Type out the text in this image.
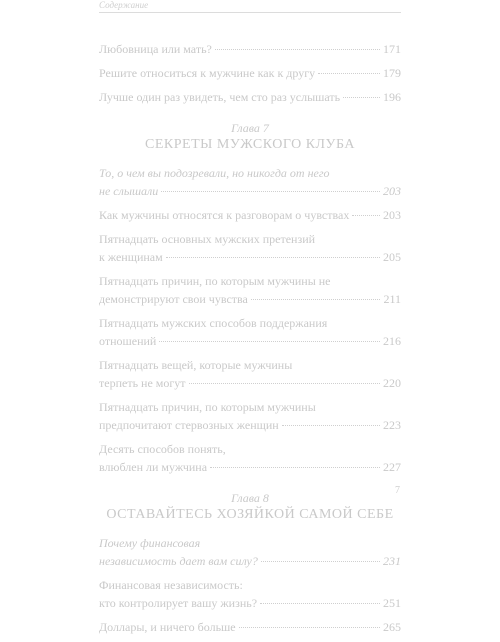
Содержание
Любовница или мать?	171
Решите относиться к мужчине как к другу	179
Лучше один раз увидеть, чем сто раз услышать	196
Глава 7
СЕКРЕТЫ МУЖСКОГО КЛУБА
То, о чем вы подозревали, но никогда от него
не слышали	203
Как мужчины относятся к разговорам о чувствах	203
Пятнадцать основных мужских претензий
к женщинам	205
Пятнадцать причин, по которым мужчины не
демонстрируют свои чувства	211
Пятнадцать мужских способов поддержания
отношений	216
Пятнадцать вещей, которые мужчины
терпеть не могут	220
Пятнадцать причин, по которым мужчины
предпочитают стервозных женщин	223
Десять способов понять,
влюблен ли мужчина	227
Глава 8
ОСТАВАЙТЕСЬ ХОЗЯЙКОЙ САМОЙ СЕБЕ
Почему финансовая
независимость дает вам силу?	231
Финансовая независимость:
кто контролирует вашу жизнь?	251
Доллары, и ничего больше	265
7
